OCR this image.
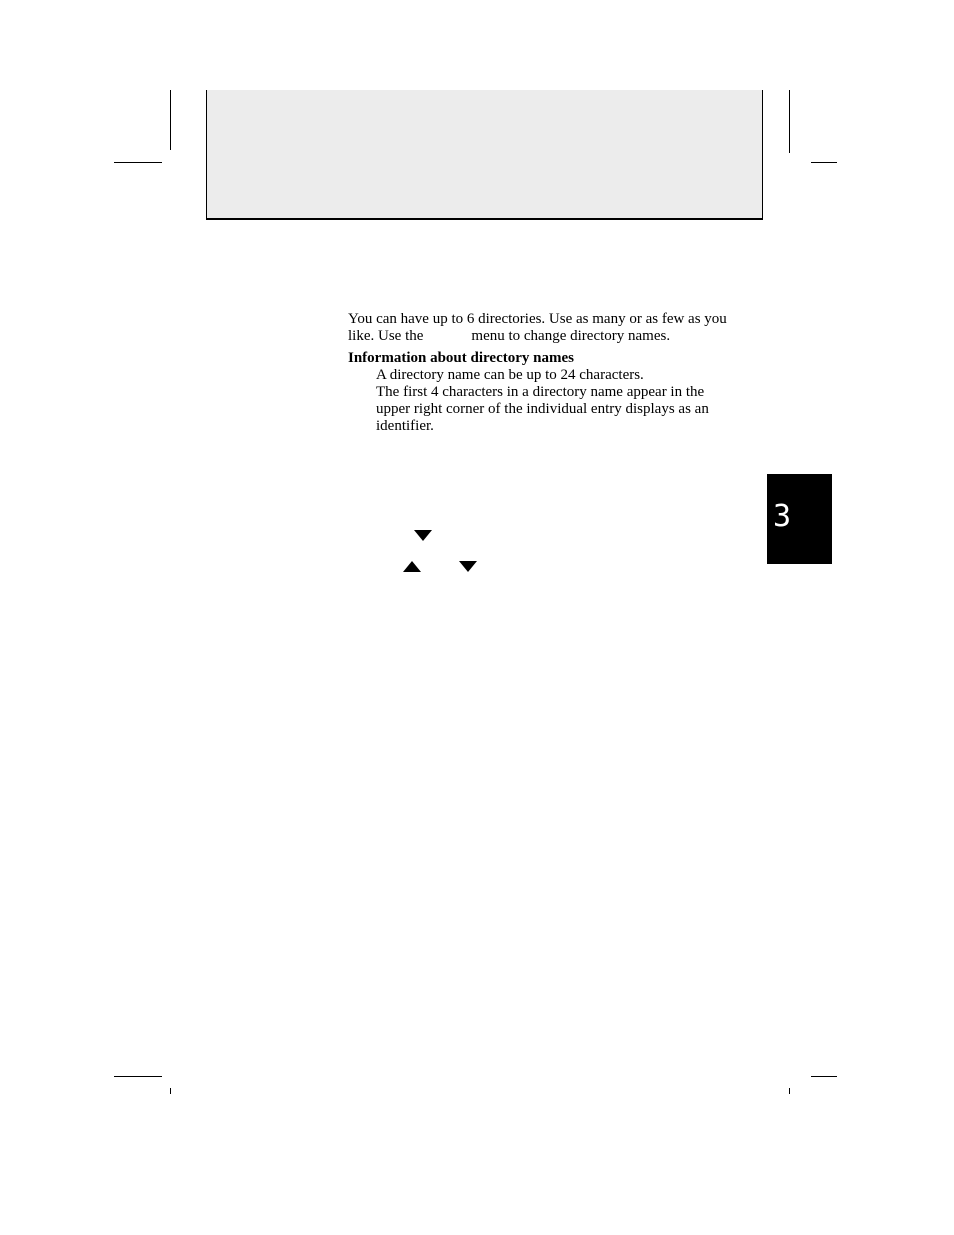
You can have up to 6 directories. Use as many or as few as you
like. Use the	menu to change directory names.
Information about directory names
A directory name can be up to 24 characters.
The first 4 characters in a directory name appear in the
upper right corner of the individual entry displays as an
identifier.
3
